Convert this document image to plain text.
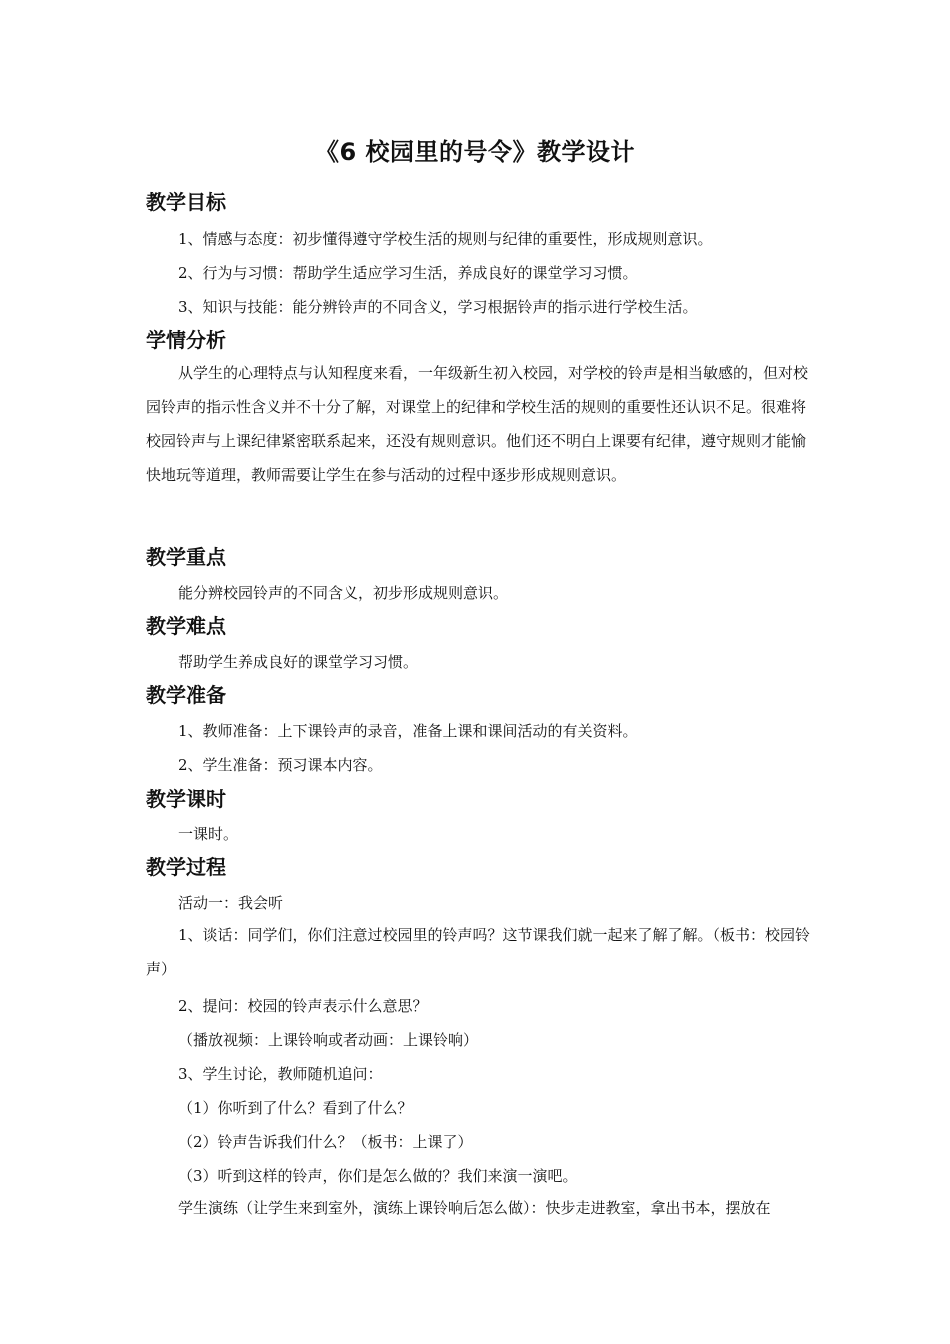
《6 校园里的号令》教学设计
教学目标
1、情感与态度：初步懂得遵守学校生活的规则与纪律的重要性，形成规则意识。
2、行为与习惯：帮助学生适应学习生活，养成良好的课堂学习习惯。
3、知识与技能：能分辨铃声的不同含义，学习根据铃声的指示进行学校生活。
学情分析
从学生的心理特点与认知程度来看，一年级新生初入校园，对学校的铃声是相当敏感的，但对校园铃声的指示性含义并不十分了解，对课堂上的纪律和学校生活的规则的重要性还认识不足。很难将校园铃声与上课纪律紧密联系起来，还没有规则意识。他们还不明白上课要有纪律，遵守规则才能愉快地玩等道理，教师需要让学生在参与活动的过程中逐步形成规则意识。
教学重点
能分辨校园铃声的不同含义，初步形成规则意识。
教学难点
帮助学生养成良好的课堂学习习惯。
教学准备
1、教师准备：上下课铃声的录音，准备上课和课间活动的有关资料。
2、学生准备：预习课本内容。
教学课时
一课时。
教学过程
活动一：我会听
1、谈话：同学们，你们注意过校园里的铃声吗？这节课我们就一起来了解了解。（板书：校园铃声）
2、提问：校园的铃声表示什么意思？
（播放视频：上课铃响或者动画：上课铃响）
3、学生讨论，教师随机追问：
（1）你听到了什么？看到了什么？
（2）铃声告诉我们什么？（板书：上课了）
（3）听到这样的铃声，你们是怎么做的？我们来演一演吧。
学生演练（让学生来到室外，演练上课铃响后怎么做）：快步走进教室，拿出书本，摆放在
